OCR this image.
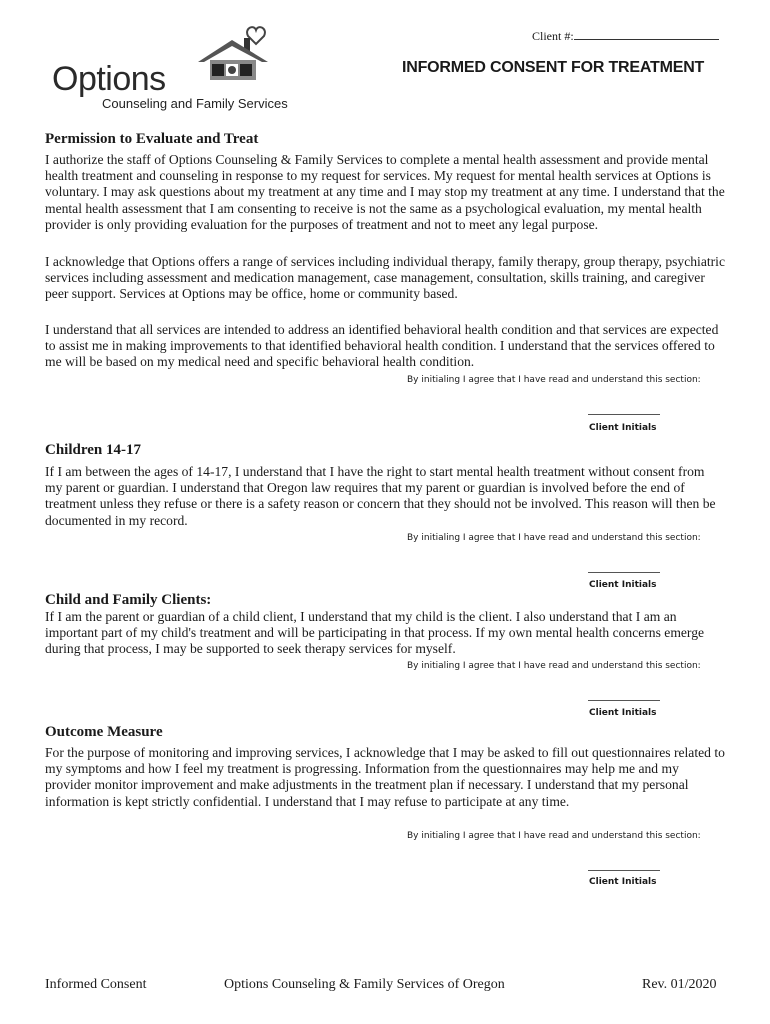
Client #:
Options
Counseling and Family Services
INFORMED CONSENT FOR TREATMENT
Permission to Evaluate and Treat
I authorize the staff of Options Counseling & Family Services to complete a mental health assessment and provide mental health treatment and counseling in response to my request for services. My request for mental health services at Options is voluntary. I may ask questions about my treatment at any time and I may stop my treatment at any time. I understand that the mental health assessment that I am consenting to receive is not the same as a psychological evaluation, my mental health provider is only providing evaluation for the purposes of treatment and not to meet any legal purpose.
I acknowledge that Options offers a range of services including individual therapy, family therapy, group therapy, psychiatric services including assessment and medication management, case management, consultation, skills training, and caregiver peer support. Services at Options may be office, home or community based.
I understand that all services are intended to address an identified behavioral health condition and that services are expected to assist me in making improvements to that identified behavioral health condition. I understand that the services offered to me will be based on my medical need and specific behavioral health condition.
By initialing I agree that I have read and understand this section:
Client Initials
Children 14-17
If I am between the ages of 14-17, I understand that I have the right to start mental health treatment without consent from my parent or guardian. I understand that Oregon law requires that my parent or guardian is involved before the end of treatment unless they refuse or there is a safety reason or concern that they should not be involved. This reason will then be documented in my record.
By initialing I agree that I have read and understand this section:
Client Initials
Child and Family Clients:
If I am the parent or guardian of a child client, I understand that my child is the client. I also understand that I am an important part of my child's treatment and will be participating in that process. If my own mental health concerns emerge during that process, I may be supported to seek therapy services for myself.
By initialing I agree that I have read and understand this section:
Client Initials
Outcome Measure
For the purpose of monitoring and improving services, I acknowledge that I may be asked to fill out questionnaires related to my symptoms and how I feel my treatment is progressing. Information from the questionnaires may help me and my provider monitor improvement and make adjustments in the treatment plan if necessary. I understand that my personal information is kept strictly confidential. I understand that I may refuse to participate at any time.
By initialing I agree that I have read and understand this section:
Client Initials
Informed Consent	Options Counseling & Family Services of Oregon	Rev. 01/2020
